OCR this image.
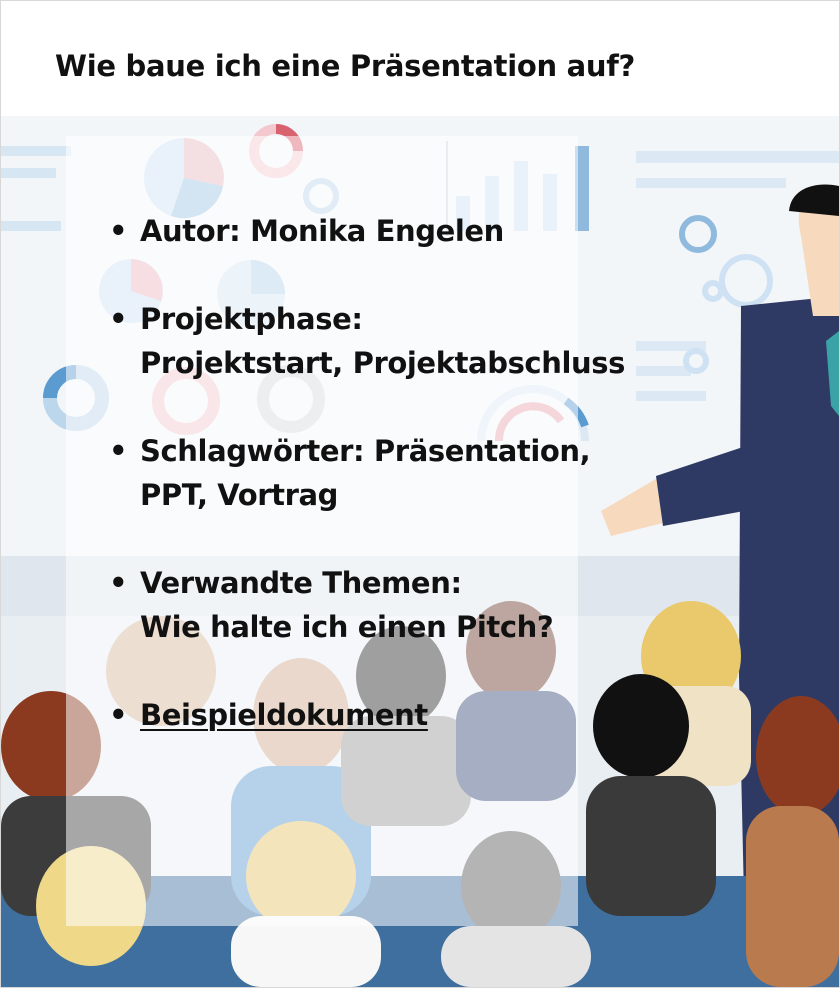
Wie baue ich eine Präsentation auf?
• Autor: Monika Engelen
• Projektphase:
Projektstart, Projektabschluss
• Schlagwörter: Präsentation,
PPT, Vortrag
• Verwandte Themen:
Wie halte ich einen Pitch?
• Beispieldokument
